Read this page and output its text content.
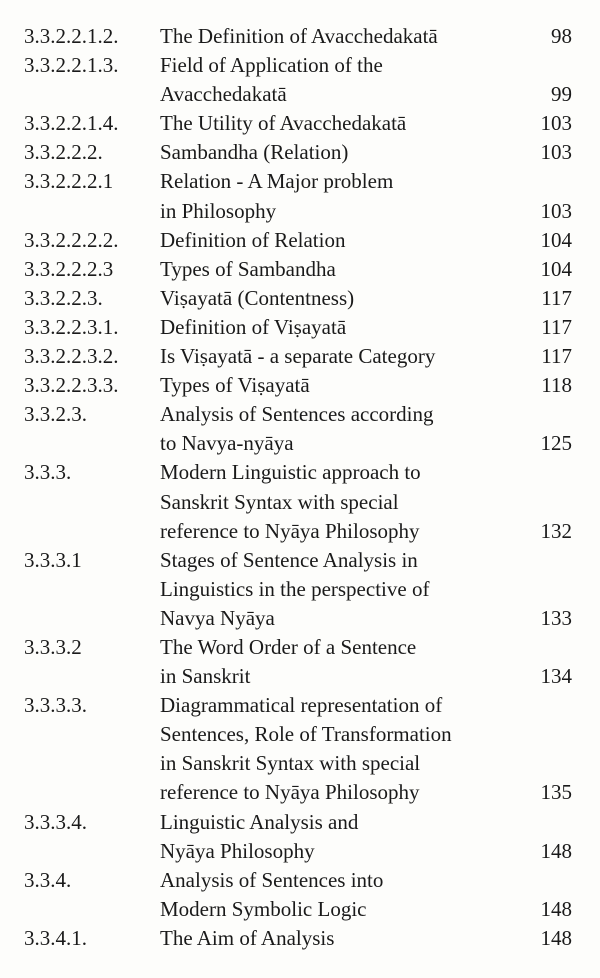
3.3.2.2.1.2. The Definition of Avacchedakatā	98
3.3.2.2.1.3. Field of Application of the
Avacchedakatā	99
3.3.2.2.1.4. The Utility of Avacchedakatā	103
3.3.2.2.2.	Sambandha (Relation)	103
3.3.2.2.2.1 Relation - A Major problem
in Philosophy	103
3.3.2.2.2.2. Definition of Relation	104
3.3.2.2.2.3 Types of Sambandha	104
3.3.2.2.3.	Viṣayatā (Contentness)	117
3.3.2.2.3.1. Definition of Viṣayatā	117
3.3.2.2.3.2. Is Viṣayatā - a separate Category	117
3.3.2.2.3.3. Types of Viṣayatā	118
3.3.2.3.	Analysis of Sentences according
to Navya-nyāya	125
3.3.3.	Modern Linguistic approach to
Sanskrit Syntax with special
reference to Nyāya Philosophy	132
3.3.3.1	Stages of Sentence Analysis in
Linguistics in the perspective of
Navya Nyāya	133
3.3.3.2	The Word Order of a Sentence
in Sanskrit	134
3.3.3.3.	Diagrammatical representation of
Sentences, Role of Transformation
in Sanskrit Syntax with special
reference to Nyāya Philosophy	135
3.3.3.4.	Linguistic Analysis and
Nyāya Philosophy	148
3.3.4.	Analysis of Sentences into
Modern Symbolic Logic	148
3.3.4.1.	The Aim of Analysis	148
